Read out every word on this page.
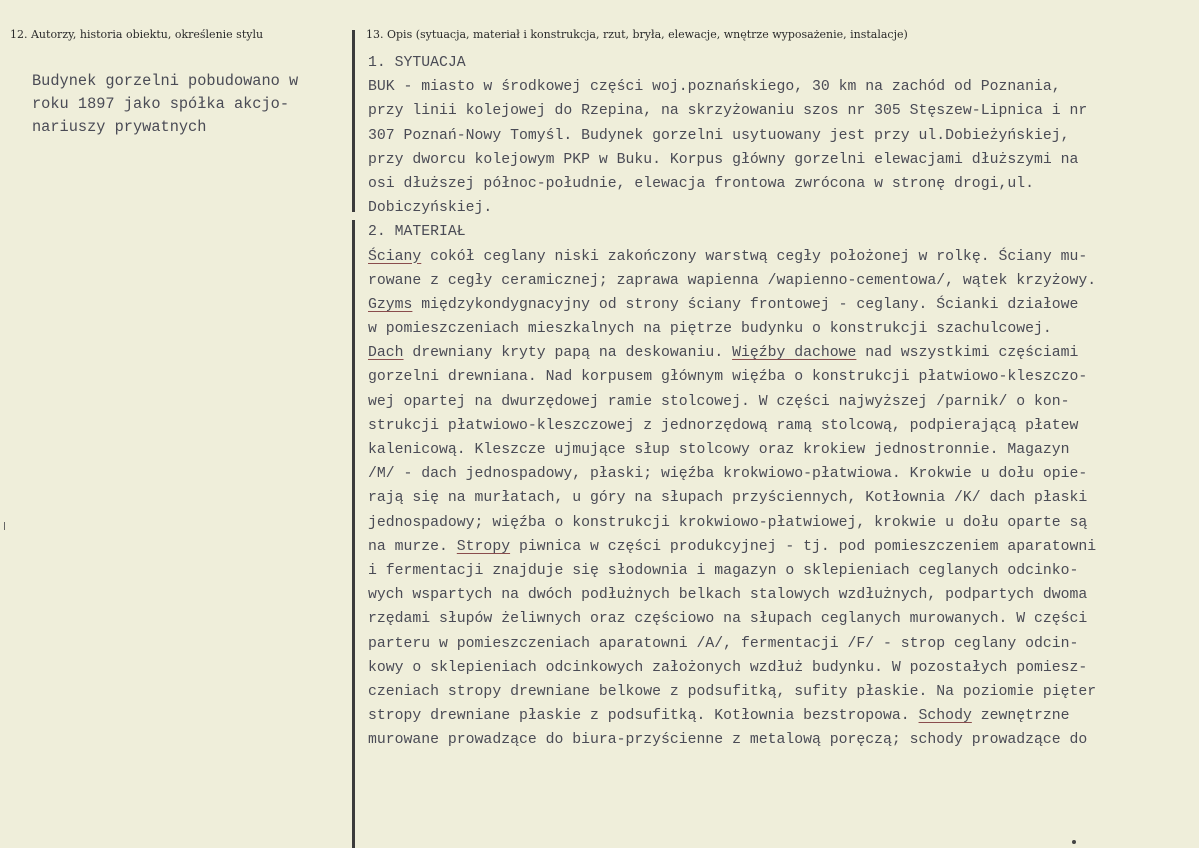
12. Autorzy, historia obiektu, określenie stylu
Budynek gorzelni pobudowano w
roku 1897 jako spółka akcjo-
nariuszy prywatnych
13. Opis (sytuacja, materiał i konstrukcja, rzut, bryła, elewacje, wnętrze wyposażenie, instalacje)
1. SYTUACJA
BUK - miasto w środkowej części woj.poznańskiego, 30 km na zachód od Poznania,
przy linii kolejowej do Rzepina, na skrzyżowaniu szos nr 305 Stęszew-Lipnica i nr
307 Poznań-Nowy Tomyśl. Budynek gorzelni usytuowany jest przy ul.Dobieżyńskiej,
przy dworcu kolejowym PKP w Buku. Korpus główny gorzelni elewacjami dłuższymi na
osi dłuższej północ-południe, elewacja frontowa zwrócona w stronę drogi,ul.
Dobiczyńskiej.
2. MATERIAŁ
Ściany cokół ceglany niski zakończony warstwą cegły położonej w rolkę. Ściany mu-
rowane z cegły ceramicznej; zaprawa wapienna /wapienno-cementowa/, wątek krzyżowy.
Gzyms międzykondygnacyjny od strony ściany frontowej - ceglany. Ścianki działowe
w pomieszczeniach mieszkalnych na piętrze budynku o konstrukcji szachulcowej.
Dach drewniany kryty papą na deskowaniu. Więźby dachowe nad wszystkimi częściami
gorzelni drewniana. Nad korpusem głównym więźba o konstrukcji płatwiowo-kleszczo-
wej opartej na dwurzędowej ramie stolcowej. W części najwyższej /parnik/ o kon-
strukcji płatwiowo-kleszczowej z jednorzędową ramą stolcową, podpierającą płatew
kalenicową. Kleszcze ujmujące słup stolcowy oraz krokiew jednostronnie. Magazyn
/M/ - dach jednospadowy, płaski; więźba krokwiowo-płatwiowa. Krokwie u dołu opie-
rają się na murłatach, u góry na słupach przyściennych, Kotłownia /K/ dach płaski
jednospadowy; więźba o konstrukcji krokwiowo-płatwiowej, krokwie u dołu oparte są
na murze. Stropy piwnica w części produkcyjnej - tj. pod pomieszczeniem aparatowni
i fermentacji znajduje się słodownia i magazyn o sklepieniach ceglanych odcinko-
wych wspartych na dwóch podłużnych belkach stalowych wzdłużnych, podpartych dwoma
rzędami słupów żeliwnych oraz częściowo na słupach ceglanych murowanych. W części
parteru w pomieszczeniach aparatowni /A/, fermentacji /F/ - strop ceglany odcin-
kowy o sklepieniach odcinkowych założonych wzdłuż budynku. W pozostałych pomiesz-
czeniach stropy drewniane belkowe z podsufitką, sufity płaskie. Na poziomie pięter
stropy drewniane płaskie z podsufitką. Kotłownia bezstropowa. Schody zewnętrzne
murowane prowadzące do biura-przyścienne z metalową poręczą; schody prowadzące do
